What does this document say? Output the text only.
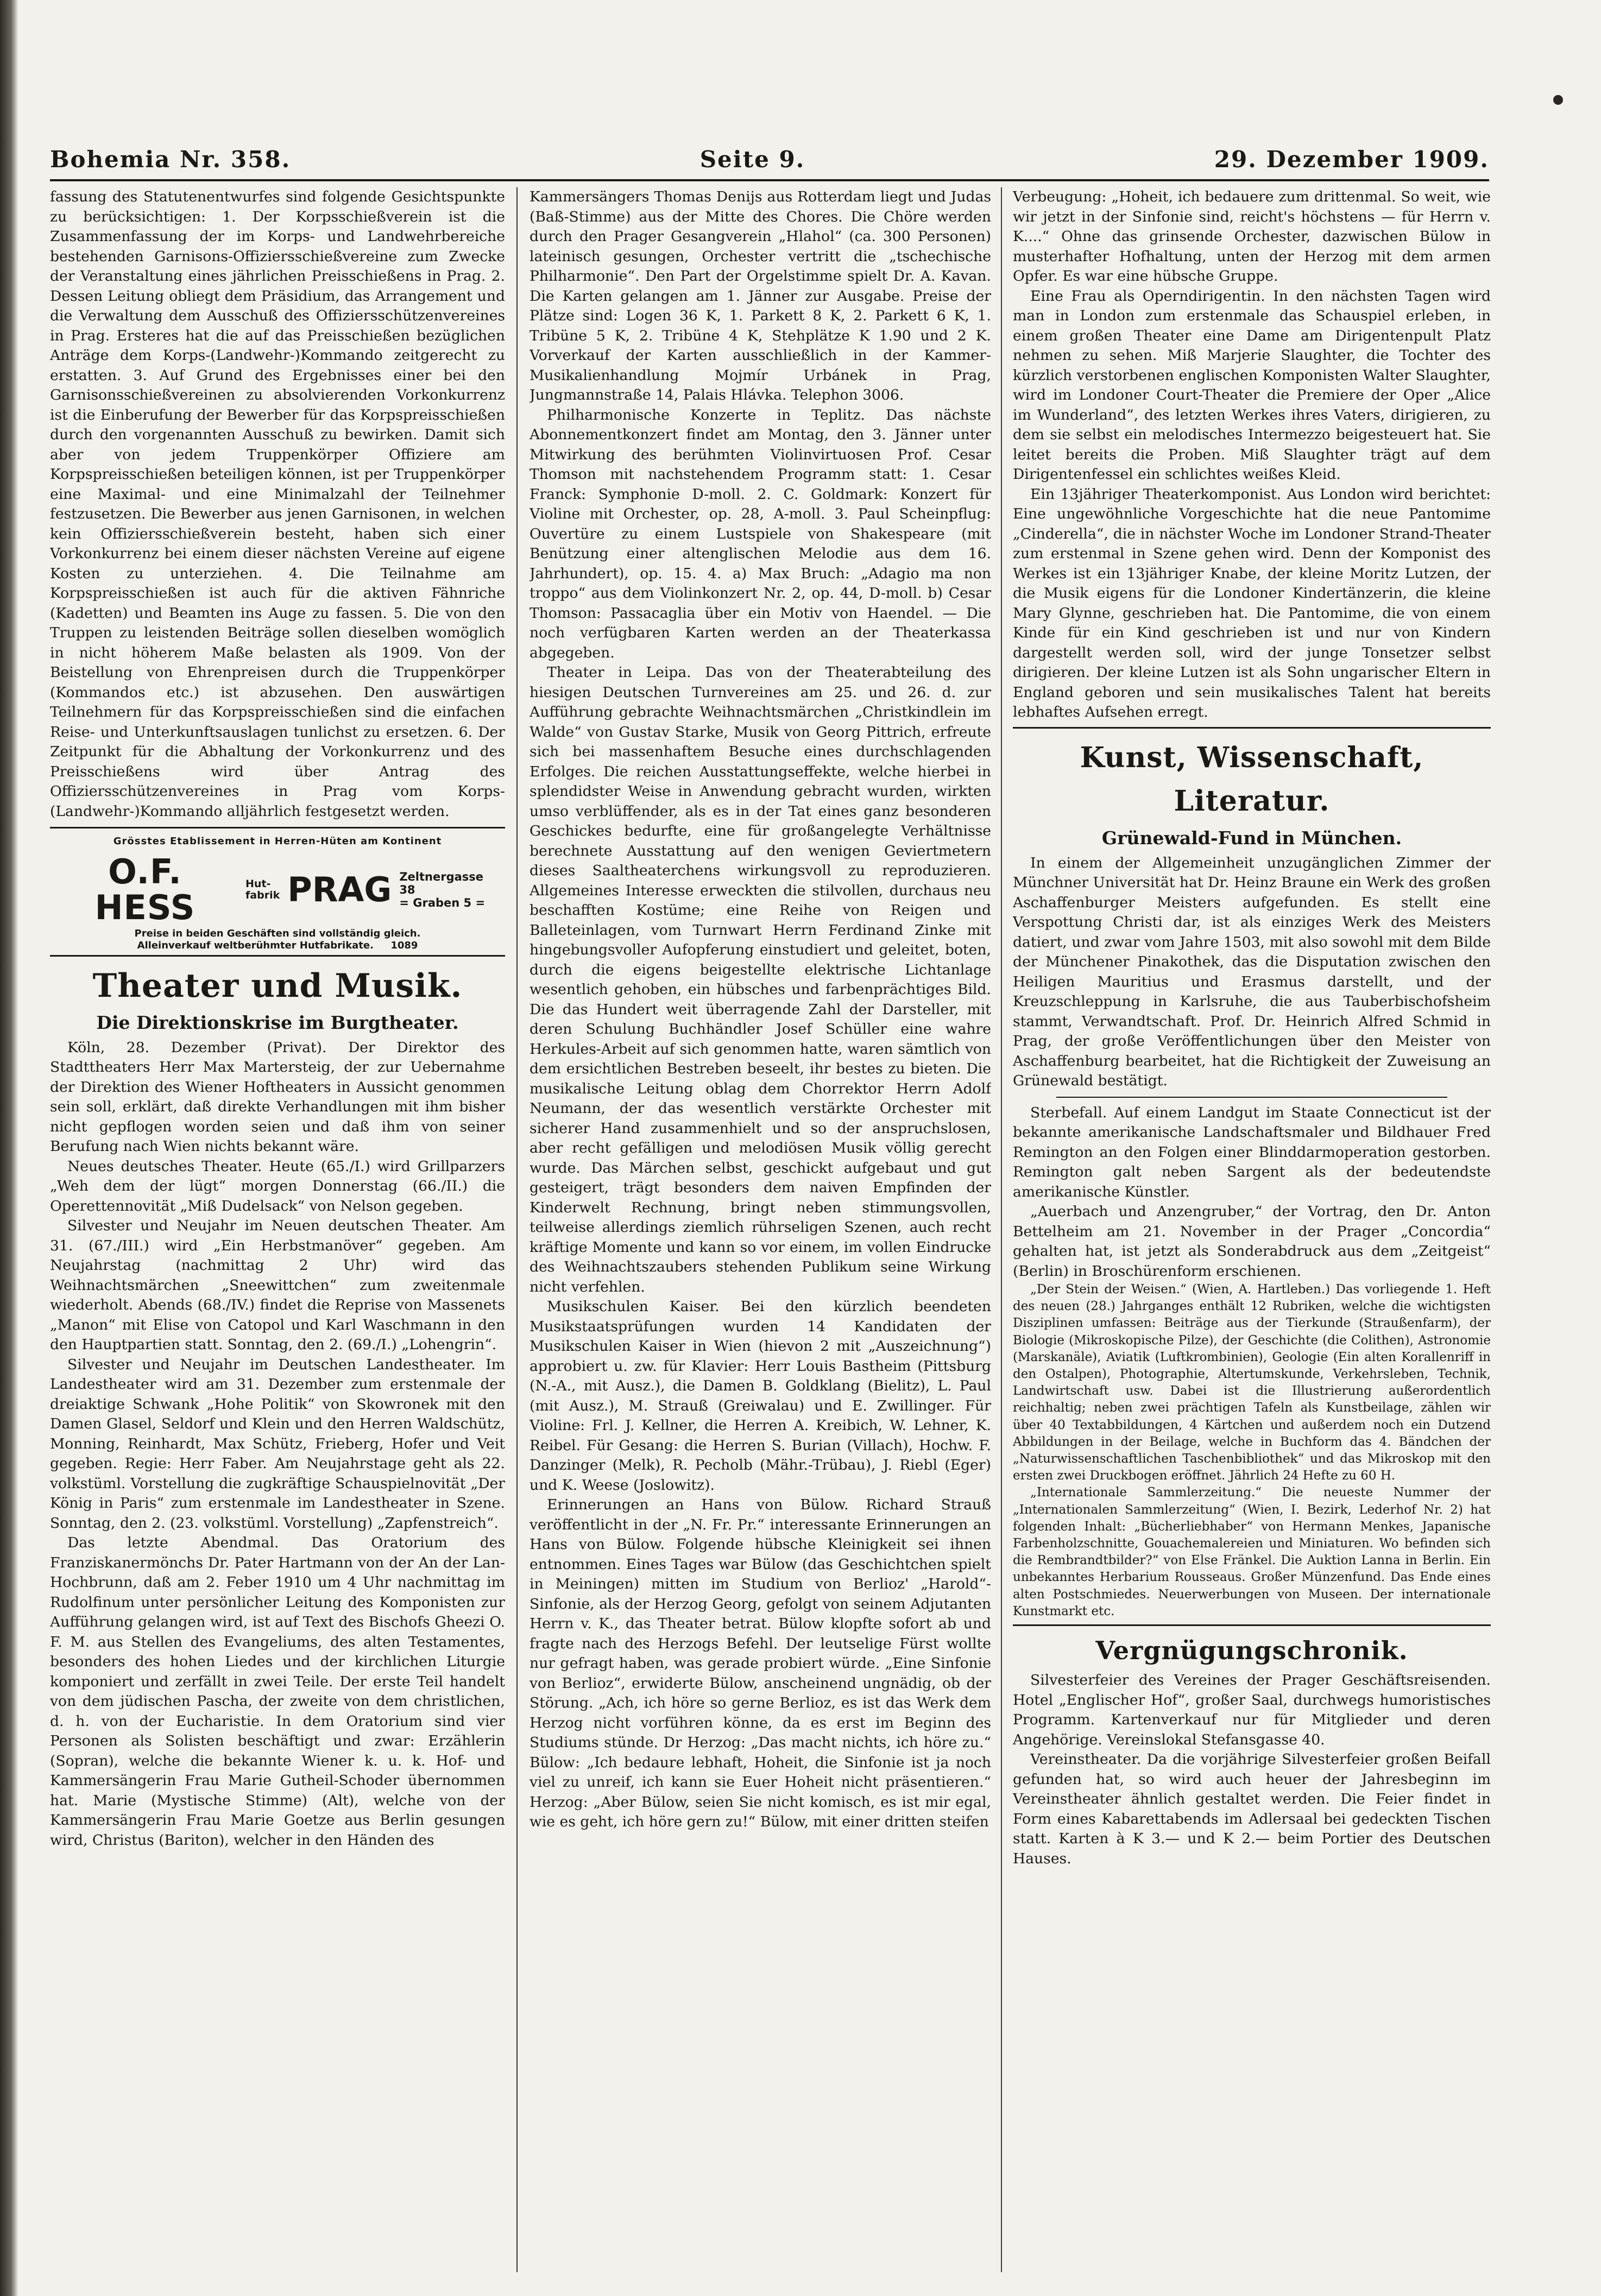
Bohemia Nr. 358.	Seite 9.	29. Dezember 1909.

fassung des Statutenentwurfes sind folgende Gesichtspunkte zu berücksichtigen: 1. Der Korpsschießverein ist die Zusammenfassung der im Korps- und Landwehrbereiche bestehenden Garnisons-Offiziersschießvereine zum Zwecke der Veranstaltung eines jährlichen Preisschießens in Prag. 2. Dessen Leitung obliegt dem Präsidium, das Arrangement und die Verwaltung dem Ausschuß des Offiziersschützenvereines in Prag. Ersteres hat die auf das Preisschießen bezüglichen Anträge dem Korps-(Landwehr-)Kommando zeitgerecht zu erstatten. 3. Auf Grund des Ergebnisses einer bei den Garnisonsschießvereinen zu absolvierenden Vorkonkurrenz ist die Einberufung der Bewerber für das Korpspreisschießen durch den vorgenannten Ausschuß zu bewirken. Damit sich aber von jedem Truppenkörper Offiziere am Korpspreisschießen beteiligen können, ist per Truppenkörper eine Maximal- und eine Minimalzahl der Teilnehmer festzusetzen. Die Bewerber aus jenen Garnisonen, in welchen kein Offiziersschießverein besteht, haben sich einer Vorkonkurrenz bei einem dieser nächsten Vereine auf eigene Kosten zu unterziehen. 4. Die Teilnahme am Korpspreisschießen ist auch für die aktiven Fähnriche (Kadetten) und Beamten ins Auge zu fassen. 5. Die von den Truppen zu leistenden Beiträge sollen dieselben womöglich in nicht höherem Maße belasten als 1909. Von der Beistellung von Ehrenpreisen durch die Truppenkörper (Kommandos etc.) ist abzusehen. Den auswärtigen Teilnehmern für das Korpspreisschießen sind die einfachen Reise- und Unterkunftsauslagen tunlichst zu ersetzen. 6. Der Zeitpunkt für die Abhaltung der Vorkonkurrenz und des Preisschießens wird über Antrag des Offiziersschützenvereines in Prag vom Korps-(Landwehr-)Kommando alljährlich festgesetzt werden.

Grösstes Etablissement in Herren-Hüten am Kontinent
O.F. HESS
Hut-
fabrik PRAG Zeltnergasse 38
= Graben 5 =
Preise in beiden Geschäften sind vollständig gleich.
Alleinverkauf weltberühmter Hutfabrikate. 1089
Theater und Musik.
Die Direktionskrise im Burgtheater.

Köln, 28. Dezember (Privat). Der Direktor des Stadttheaters Herr Max Martersteig, der zur Uebernahme der Direktion des Wiener Hoftheaters in Aussicht genommen sein soll, erklärt, daß direkte Verhandlungen mit ihm bisher nicht gepflogen worden seien und daß ihm von seiner Berufung nach Wien nichts bekannt wäre.

Neues deutsches Theater. Heute (65./I.) wird Grillparzers „Weh dem der lügt“ morgen Donnerstag (66./II.) die Operettennovität „Miß Dudelsack“ von Nelson gegeben.

Silvester und Neujahr im Neuen deutschen Theater. Am 31. (67./III.) wird „Ein Herbstmanöver“ gegeben. Am Neujahrstag (nachmittag 2 Uhr) wird das Weihnachtsmärchen „Sneewittchen“ zum zweitenmale wiederholt. Abends (68./IV.) findet die Reprise von Massenets „Manon“ mit Elise von Catopol und Karl Waschmann in den den Hauptpartien statt. Sonntag, den 2. (69./I.) „Lohengrin“.

Silvester und Neujahr im Deutschen Landestheater. Im Landestheater wird am 31. Dezember zum erstenmale der dreiaktige Schwank „Hohe Politik“ von Skowronek mit den Damen Glasel, Seldorf und Klein und den Herren Waldschütz, Monning, Reinhardt, Max Schütz, Frieberg, Hofer und Veit gegeben. Regie: Herr Faber. Am Neujahrstage geht als 22. volkstüml. Vorstellung die zugkräftige Schauspielnovität „Der König in Paris“ zum erstenmale im Landestheater in Szene. Sonntag, den 2. (23. volkstüml. Vorstellung) „Zapfenstreich“.

Das letzte Abendmal. Das Oratorium des Franziskanermönchs Dr. Pater Hartmann von der An der Lan-Hochbrunn, daß am 2. Feber 1910 um 4 Uhr nachmittag im Rudolfinum unter persönlicher Leitung des Komponisten zur Aufführung gelangen wird, ist auf Text des Bischofs Gheezi O. F. M. aus Stellen des Evangeliums, des alten Testamentes, besonders des hohen Liedes und der kirchlichen Liturgie komponiert und zerfällt in zwei Teile. Der erste Teil handelt von dem jüdischen Pascha, der zweite von dem christlichen, d. h. von der Eucharistie. In dem Oratorium sind vier Personen als Solisten beschäftigt und zwar: Erzählerin (Sopran), welche die bekannte Wiener k. u. k. Hof- und Kammersängerin Frau Marie Gutheil-Schoder übernommen hat. Marie (Mystische Stimme) (Alt), welche von der Kammersängerin Frau Marie Goetze aus Berlin gesungen wird, Christus (Bariton), welcher in den Händen des

Kammersängers Thomas Denijs aus Rotterdam liegt und Judas (Baß-Stimme) aus der Mitte des Chores. Die Chöre werden durch den Prager Gesangverein „Hlahol“ (ca. 300 Personen) lateinisch gesungen, Orchester vertritt die „tschechische Philharmonie“. Den Part der Orgelstimme spielt Dr. A. Kavan. Die Karten gelangen am 1. Jänner zur Ausgabe. Preise der Plätze sind: Logen 36 K, 1. Parkett 8 K, 2. Parkett 6 K, 1. Tribüne 5 K, 2. Tribüne 4 K, Stehplätze K 1.90 und 2 K. Vorverkauf der Karten ausschließlich in der Kammer-Musikalienhandlung Mojmír Urbánek in Prag, Jungmannstraße 14, Palais Hlávka. Telephon 3006.

Philharmonische Konzerte in Teplitz. Das nächste Abonnementkonzert findet am Montag, den 3. Jänner unter Mitwirkung des berühmten Violinvirtuosen Prof. Cesar Thomson mit nachstehendem Programm statt: 1. Cesar Franck: Symphonie D-moll. 2. C. Goldmark: Konzert für Violine mit Orchester, op. 28, A-moll. 3. Paul Scheinpflug: Ouvertüre zu einem Lustspiele von Shakespeare (mit Benützung einer altenglischen Melodie aus dem 16. Jahrhundert), op. 15. 4. a) Max Bruch: „Adagio ma non troppo“ aus dem Violinkonzert Nr. 2, op. 44, D-moll. b) Cesar Thomson: Passacaglia über ein Motiv von Haendel. — Die noch verfügbaren Karten werden an der Theaterkassa abgegeben.

Theater in Leipa. Das von der Theaterabteilung des hiesigen Deutschen Turnvereines am 25. und 26. d. zur Aufführung gebrachte Weihnachtsmärchen „Christkindlein im Walde“ von Gustav Starke, Musik von Georg Pittrich, erfreute sich bei massenhaftem Besuche eines durchschlagenden Erfolges. Die reichen Ausstattungseffekte, welche hierbei in splendidster Weise in Anwendung gebracht wurden, wirkten umso verblüffender, als es in der Tat eines ganz besonderen Geschickes bedurfte, eine für großangelegte Verhältnisse berechnete Ausstattung auf den wenigen Geviertmetern dieses Saaltheaterchens wirkungsvoll zu reproduzieren. Allgemeines Interesse erweckten die stilvollen, durchaus neu beschafften Kostüme; eine Reihe von Reigen und Balleteinlagen, vom Turnwart Herrn Ferdinand Zinke mit hingebungsvoller Aufopferung einstudiert und geleitet, boten, durch die eigens beigestellte elektrische Lichtanlage wesentlich gehoben, ein hübsches und farbenprächtiges Bild. Die das Hundert weit überragende Zahl der Darsteller, mit deren Schulung Buchhändler Josef Schüller eine wahre Herkules-Arbeit auf sich genommen hatte, waren sämtlich von dem ersichtlichen Bestreben beseelt, ihr bestes zu bieten. Die musikalische Leitung oblag dem Chorrektor Herrn Adolf Neumann, der das wesentlich verstärkte Orchester mit sicherer Hand zusammenhielt und so der anspruchslosen, aber recht gefälligen und melodiösen Musik völlig gerecht wurde. Das Märchen selbst, geschickt aufgebaut und gut gesteigert, trägt besonders dem naiven Empfinden der Kinderwelt Rechnung, bringt neben stimmungsvollen, teilweise allerdings ziemlich rührseligen Szenen, auch recht kräftige Momente und kann so vor einem, im vollen Eindrucke des Weihnachtszaubers stehenden Publikum seine Wirkung nicht verfehlen.

Musikschulen Kaiser. Bei den kürzlich beendeten Musikstaatsprüfungen wurden 14 Kandidaten der Musikschulen Kaiser in Wien (hievon 2 mit „Auszeichnung“) approbiert u. zw. für Klavier: Herr Louis Bastheim (Pittsburg (N.-A., mit Ausz.), die Damen B. Goldklang (Bielitz), L. Paul (mit Ausz.), M. Strauß (Greiwalau) und E. Zwillinger. Für Violine: Frl. J. Kellner, die Herren A. Kreibich, W. Lehner, K. Reibel. Für Gesang: die Herren S. Burian (Villach), Hochw. F. Danzinger (Melk), R. Pecholb (Mähr.-Trübau), J. Riebl (Eger) und K. Weese (Joslowitz).

Erinnerungen an Hans von Bülow. Richard Strauß veröffentlicht in der „N. Fr. Pr.“ interessante Erinnerungen an Hans von Bülow. Folgende hübsche Kleinigkeit sei ihnen entnommen. Eines Tages war Bülow (das Geschichtchen spielt in Meiningen) mitten im Studium von Berlioz' „Harold“-Sinfonie, als der Herzog Georg, gefolgt von seinem Adjutanten Herrn v. K., das Theater betrat. Bülow klopfte sofort ab und fragte nach des Herzogs Befehl. Der leutselige Fürst wollte nur gefragt haben, was gerade probiert würde. „Eine Sinfonie von Berlioz“, erwiderte Bülow, anscheinend ungnädig, ob der Störung. „Ach, ich höre so gerne Berlioz, es ist das Werk dem Herzog nicht vorführen könne, da es erst im Beginn des Studiums stünde. Dr Herzog: „Das macht nichts, ich höre zu.“ Bülow: „Ich bedaure lebhaft, Hoheit, die Sinfonie ist ja noch viel zu unreif, ich kann sie Euer Hoheit nicht präsentieren.“ Herzog: „Aber Bülow, seien Sie nicht komisch, es ist mir egal, wie es geht, ich höre gern zu!“ Bülow, mit einer dritten steifen

Verbeugung: „Hoheit, ich bedauere zum drittenmal. So weit, wie wir jetzt in der Sinfonie sind, reicht's höchstens — für Herrn v. K....“ Ohne das grinsende Orchester, dazwischen Bülow in musterhafter Hofhaltung, unten der Herzog mit dem armen Opfer. Es war eine hübsche Gruppe.

Eine Frau als Operndirigentin. In den nächsten Tagen wird man in London zum erstenmale das Schauspiel erleben, in einem großen Theater eine Dame am Dirigentenpult Platz nehmen zu sehen. Miß Marjerie Slaughter, die Tochter des kürzlich verstorbenen englischen Komponisten Walter Slaughter, wird im Londoner Court-Theater die Premiere der Oper „Alice im Wunderland“, des letzten Werkes ihres Vaters, dirigieren, zu dem sie selbst ein melodisches Intermezzo beigesteuert hat. Sie leitet bereits die Proben. Miß Slaughter trägt auf dem Dirigentenfessel ein schlichtes weißes Kleid.

Ein 13jähriger Theaterkomponist. Aus London wird berichtet: Eine ungewöhnliche Vorgeschichte hat die neue Pantomime „Cinderella“, die in nächster Woche im Londoner Strand-Theater zum erstenmal in Szene gehen wird. Denn der Komponist des Werkes ist ein 13jähriger Knabe, der kleine Moritz Lutzen, der die Musik eigens für die Londoner Kindertänzerin, die kleine Mary Glynne, geschrieben hat. Die Pantomime, die von einem Kinde für ein Kind geschrieben ist und nur von Kindern dargestellt werden soll, wird der junge Tonsetzer selbst dirigieren. Der kleine Lutzen ist als Sohn ungarischer Eltern in England geboren und sein musikalisches Talent hat bereits lebhaftes Aufsehen erregt.

Kunst, Wissenschaft, Literatur.
Grünewald-Fund in München.

In einem der Allgemeinheit unzugänglichen Zimmer der Münchner Universität hat Dr. Heinz Braune ein Werk des großen Aschaffenburger Meisters aufgefunden. Es stellt eine Verspottung Christi dar, ist als einziges Werk des Meisters datiert, und zwar vom Jahre 1503, mit also sowohl mit dem Bilde der Münchener Pinakothek, das die Disputation zwischen den Heiligen Mauritius und Erasmus darstellt, und der Kreuzschleppung in Karlsruhe, die aus Tauberbischofsheim stammt, Verwandtschaft. Prof. Dr. Heinrich Alfred Schmid in Prag, der große Veröffentlichungen über den Meister von Aschaffenburg bearbeitet, hat die Richtigkeit der Zuweisung an Grünewald bestätigt.

Sterbefall. Auf einem Landgut im Staate Connecticut ist der bekannte amerikanische Landschaftsmaler und Bildhauer Fred Remington an den Folgen einer Blinddarmoperation gestorben. Remington galt neben Sargent als der bedeutendste amerikanische Künstler.

„Auerbach und Anzengruber,“ der Vortrag, den Dr. Anton Bettelheim am 21. November in der Prager „Concordia“ gehalten hat, ist jetzt als Sonderabdruck aus dem „Zeitgeist“ (Berlin) in Broschürenform erschienen.

„Der Stein der Weisen.“ (Wien, A. Hartleben.) Das vorliegende 1. Heft des neuen (28.) Jahrganges enthält 12 Rubriken, welche die wichtigsten Disziplinen umfassen: Beiträge aus der Tierkunde (Straußenfarm), der Biologie (Mikroskopische Pilze), der Geschichte (die Colithen), Astronomie (Marskanäle), Aviatik (Luftkrombinien), Geologie (Ein alten Korallenriff in den Ostalpen), Photographie, Altertumskunde, Verkehrsleben, Technik, Landwirtschaft usw. Dabei ist die Illustrierung außerordentlich reichhaltig; neben zwei prächtigen Tafeln als Kunstbeilage, zählen wir über 40 Textabbildungen, 4 Kärtchen und außerdem noch ein Dutzend Abbildungen in der Beilage, welche in Buchform das 4. Bändchen der „Naturwissenschaftlichen Taschenbibliothek“ und das Mikroskop mit den ersten zwei Druckbogen eröffnet. Jährlich 24 Hefte zu 60 H.

„Internationale Sammlerzeitung.“ Die neueste Nummer der „Internationalen Sammlerzeitung“ (Wien, I. Bezirk, Lederhof Nr. 2) hat folgenden Inhalt: „Bücherliebhaber“ von Hermann Menkes, Japanische Farbenholzschnitte, Gouachemalereien und Miniaturen. Wo befinden sich die Rembrandtbilder?“ von Else Fränkel. Die Auktion Lanna in Berlin. Ein unbekanntes Herbarium Rousseaus. Großer Münzenfund. Das Ende eines alten Postschmiedes. Neuerwerbungen von Museen. Der internationale Kunstmarkt etc.

Vergnügungschronik.

Silvesterfeier des Vereines der Prager Geschäftsreisenden. Hotel „Englischer Hof“, großer Saal, durchwegs humoristisches Programm. Kartenverkauf nur für Mitglieder und deren Angehörige. Vereinslokal Stefansgasse 40.

Vereinstheater. Da die vorjährige Silvesterfeier großen Beifall gefunden hat, so wird auch heuer der Jahresbeginn im Vereinstheater ähnlich gestaltet werden. Die Feier findet in Form eines Kabarettabends im Adlersaal bei gedeckten Tischen statt. Karten à K 3.— und K 2.— beim Portier des Deutschen Hauses.
